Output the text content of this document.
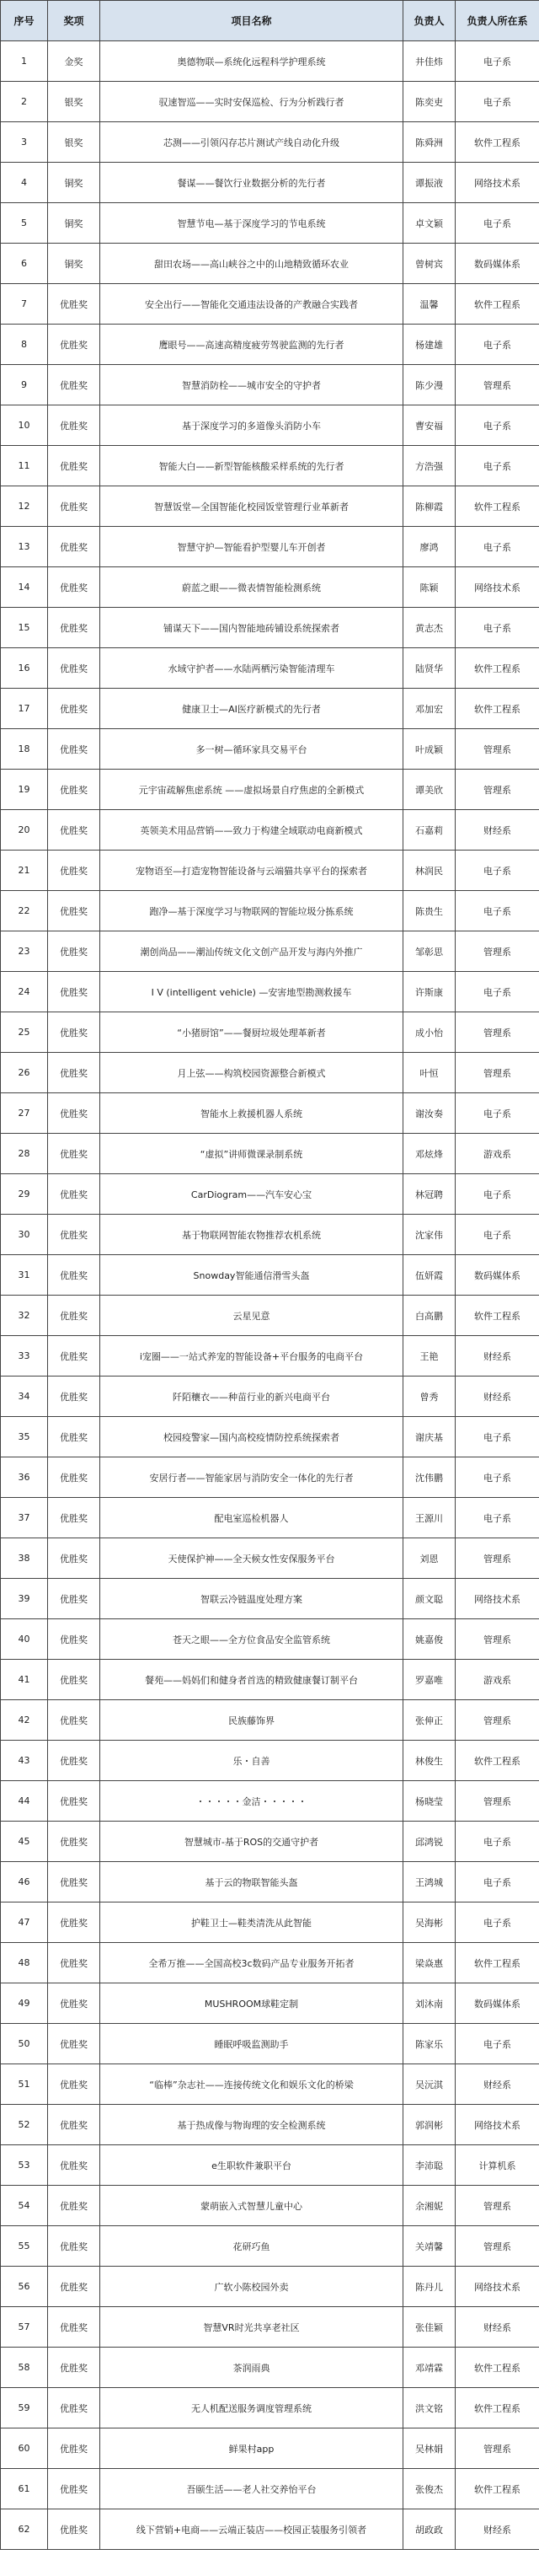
序号	奖项	项目名称	负责人	负责人所在系
1	金奖	奥德物联—系统化远程科学护理系统	井佳炜	电子系
2	银奖	驭速智巡——实时安保巡检、行为分析践行者	陈奕吏	电子系
3	银奖	芯测——引领闪存芯片测试产线自动化升级	陈舜洲	软件工程系
4	铜奖	餐谋——餐饮行业数据分析的先行者	谭振液	网络技术系
5	铜奖	智慧节电—基于深度学习的节电系统	卓文颖	电子系
6	铜奖	甜田农场——高山峡谷之中的山地精致循环农业	曾树宾	数码媒体系
7	优胜奖	安全出行——智能化交通违法设备的产教融合实践者	温馨	软件工程系
8	优胜奖	鹰眼号——高速高精度疲劳驾驶监测的先行者	杨建雄	电子系
9	优胜奖	智慧消防栓——城市安全的守护者	陈少漫	管理系
10	优胜奖	基于深度学习的多道像头消防小车	曹安福	电子系
11	优胜奖	智能大白——新型智能核酸采样系统的先行者	方浩强	电子系
12	优胜奖	智慧饭堂—全国智能化校园饭堂管理行业革新者	陈柳霞	软件工程系
13	优胜奖	智慧守护—智能看护型婴儿车开创者	廖鸿	电子系
14	优胜奖	蔚蓝之眼——微表情智能检测系统	陈颖	网络技术系
15	优胜奖	铺谋天下——国内智能地砖铺设系统探索者	黄志杰	电子系
16	优胜奖	水域守护者——水陆两栖污染智能清理车	陆贤华	软件工程系
17	优胜奖	健康卫士—AI医疗新模式的先行者	邓加宏	软件工程系
18	优胜奖	多一树—循环家具交易平台	叶成颖	管理系
19	优胜奖	元宇宙疏解焦虑系统 ——虚拟场景自疗焦虑的全新模式	谭美欣	管理系
20	优胜奖	英领美术用品营销——致力于构建全域联动电商新模式	石嘉莉	财经系
21	优胜奖	宠物语至—打造宠物智能设备与云端猫共享平台的探索者	林润民	电子系
22	优胜奖	跑净—基于深度学习与物联网的智能垃圾分拣系统	陈贵生	电子系
23	优胜奖	潮创尚品——潮汕传统文化文创产品开发与海内外推广	邹彰思	管理系
24	优胜奖	I V (intelligent vehicle) —安害地型勘测救援车	许斯康	电子系
25	优胜奖	“小猪厨馆”——餐厨垃圾处理革新者	成小怡	管理系
26	优胜奖	月上弦——构筑校园资源整合新模式	叶恒	管理系
27	优胜奖	智能水上救援机器人系统	谢汝奏	电子系
28	优胜奖	“虚拟”讲师微课录制系统	邓炫烽	游戏系
29	优胜奖	CarDiogram——汽车安心宝	林冠聘	电子系
30	优胜奖	基于物联网智能农物推荐农机系统	沈家伟	电子系
31	优胜奖	Snowday智能通信滑雪头盔	伍妍霞	数码媒体系
32	优胜奖	云星见意	白高鹏	软件工程系
33	优胜奖	i宠圈——一站式养宠的智能设备+平台服务的电商平台	王艳	财经系
34	优胜奖	阡陌穰衣——种苗行业的新兴电商平台	曾秀	财经系
35	优胜奖	校园疫警家—国内高校疫情防控系统探索者	谢庆基	电子系
36	优胜奖	安居行者——智能家居与消防安全一体化的先行者	沈伟鹏	电子系
37	优胜奖	配电室巡检机器人	王源川	电子系
38	优胜奖	天使保护神——全天候女性安保服务平台	刘恩	管理系
39	优胜奖	智联云冷链温度处理方案	颜文聪	网络技术系
40	优胜奖	苍天之眼——全方位食品安全监管系统	姚嘉俊	管理系
41	优胜奖	餐苑——妈妈们和健身者首选的精致健康餐订制平台	罗嘉唯	游戏系
42	优胜奖	民族藤饰界	张伸正	管理系
43	优胜奖	乐・自善	林俊生	软件工程系
44	优胜奖	・・・・・金洁・・・・・	杨晓莹	管理系
45	优胜奖	智慧城市-基于ROS的交通守护者	邱鸿锐	电子系
46	优胜奖	基于云的物联智能头盔	王鸿城	电子系
47	优胜奖	护鞋卫士—鞋类清洗从此智能	吴海彬	电子系
48	优胜奖	全希万推——全国高校3c数码产品专业服务开拓者	梁焱惠	软件工程系
49	优胜奖	MUSHROOM球鞋定制	刘沐南	数码媒体系
50	优胜奖	睡眠呼吸监测助手	陈家乐	电子系
51	优胜奖	“临棒”杂志社——连接传统文化和娱乐文化的桥梁	吴沅淇	财经系
52	优胜奖	基于热成像与物询理的安全检测系统	郭润彬	网络技术系
53	优胜奖	e生职软件兼职平台	李沛聪	计算机系
54	优胜奖	蒙萌嵌入式智慧儿童中心	余湘妮	管理系
55	优胜奖	花研巧鱼	关靖馨	管理系
56	优胜奖	广软小陈校园外卖	陈丹儿	网络技术系
57	优胜奖	智慧VR时光共享老社区	张佳颖	财经系
58	优胜奖	茶润雨典	邓靖霖	软件工程系
59	优胜奖	无人机配送服务调度管理系统	洪文铭	软件工程系
60	优胜奖	鲜果村app	吴林娟	管理系
61	优胜奖	吾颐生活——老人社交养怡平台	张俊杰	软件工程系
62	优胜奖	线下营销+电商——云端正装店——校园正装服务引领者	胡政政	财经系
